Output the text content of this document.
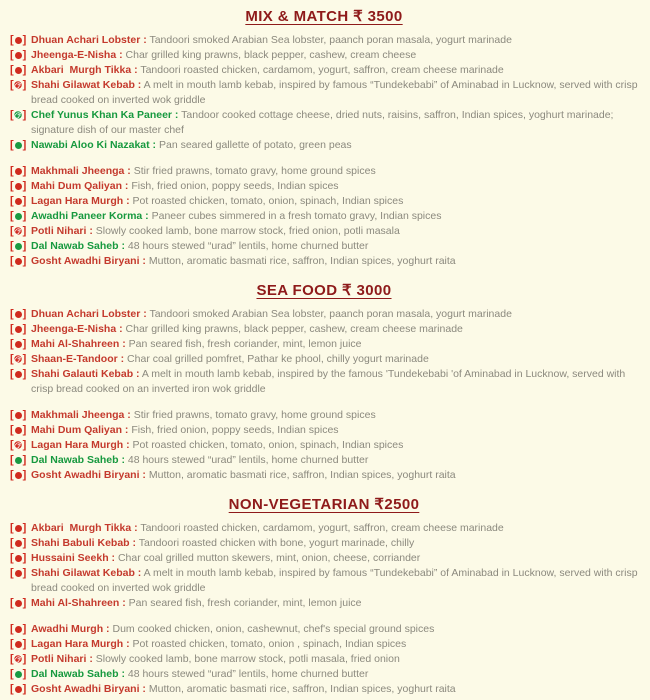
MIX & MATCH ₹ 3500
[ ] Dhuan Achari Lobster : Tandoori smoked Arabian Sea lobster, paanch poran masala, yogurt marinade
[ ] Jheenga-E-Nisha : Char grilled king prawns, black pepper, cashew, cream cheese
[ ] Akbari  Murgh Tikka : Tandoori roasted chicken, cardamom, yogurt, saffron, cream cheese marinade
[ ] Shahi Gilawat Kebab : A melt in mouth lamb kebab, inspired by famous “Tundekebabi” of Aminabad in Lucknow, served with crisp bread cooked on inverted wok griddle
[ ] Chef Yunus Khan Ka Paneer : Tandoor cooked cottage cheese, dried nuts, raisins, saffron, Indian spices, yoghurt marinade; signature dish of our master chef
[ ] Nawabi Aloo Ki Nazakat : Pan seared gallette of potato, green peas
[ ] Makhmali Jheenga : Stir fried prawns, tomato gravy, home ground spices
[ ] Mahi Dum Qaliyan : Fish, fried onion, poppy seeds, Indian spices
[ ] Lagan Hara Murgh : Pot roasted chicken, tomato, onion, spinach, Indian spices
[ ] Awadhi Paneer Korma : Paneer cubes simmered in a fresh tomato gravy, Indian spices
[ ] Potli Nihari : Slowly cooked lamb, bone marrow stock, fried onion, potli masala
[ ] Dal Nawab Saheb : 48 hours stewed “urad” lentils, home churned butter
[ ] Gosht Awadhi Biryani : Mutton, aromatic basmati rice, saffron, Indian spices, yoghurt raita
SEA FOOD ₹ 3000
[ ] Dhuan Achari Lobster : Tandoori smoked Arabian Sea lobster, paanch poran masala, yogurt marinade
[ ] Jheenga-E-Nisha : Char grilled king prawns, black pepper, cashew, cream cheese marinade
[ ] Mahi Al-Shahreen : Pan seared fish, fresh coriander, mint, lemon juice
[ ] Shaan-E-Tandoor : Char coal grilled pomfret, Pathar ke phool, chilly yogurt marinade
[ ] Shahi Galauti Kebab : A melt in mouth lamb kebab, inspired by the famous 'Tundekebabi 'of Aminabad in Lucknow, served with crisp bread cooked on an inverted iron wok griddle
[ ] Makhmali Jheenga : Stir fried prawns, tomato gravy, home ground spices
[ ] Mahi Dum Qaliyan : Fish, fried onion, poppy seeds, Indian spices
[ ] Lagan Hara Murgh : Pot roasted chicken, tomato, onion, spinach, Indian spices
[ ] Dal Nawab Saheb : 48 hours stewed “urad” lentils, home churned butter
[ ] Gosht Awadhi Biryani : Mutton, aromatic basmati rice, saffron, Indian spices, yoghurt raita
NON-VEGETARIAN ₹2500
[ ] Akbari  Murgh Tikka : Tandoori roasted chicken, cardamom, yogurt, saffron, cream cheese marinade
[ ] Shahi Babuli Kebab : Tandoori roasted chicken with bone, yogurt marinade, chilly
[ ] Hussaini Seekh : Char coal grilled mutton skewers, mint, onion, cheese, corriander
[ ] Shahi Gilawat Kebab : A melt in mouth lamb kebab, inspired by famous “Tundekebabi” of Aminabad in Lucknow, served with crisp bread cooked on inverted wok griddle
[ ] Mahi Al-Shahreen : Pan seared fish, fresh coriander, mint, lemon juice
[ ] Awadhi Murgh : Dum cooked chicken, onion, cashewnut, chef's special ground spices
[ ] Lagan Hara Murgh : Pot roasted chicken, tomato, onion , spinach, Indian spices
[ ] Potli Nihari : Slowly cooked lamb, bone marrow stock, potli masala, fried onion
[ ] Dal Nawab Saheb : 48 hours stewed “urad” lentils, home churned butter
[ ] Gosht Awadhi Biryani : Mutton, aromatic basmati rice, saffron, Indian spices, yoghurt raita
